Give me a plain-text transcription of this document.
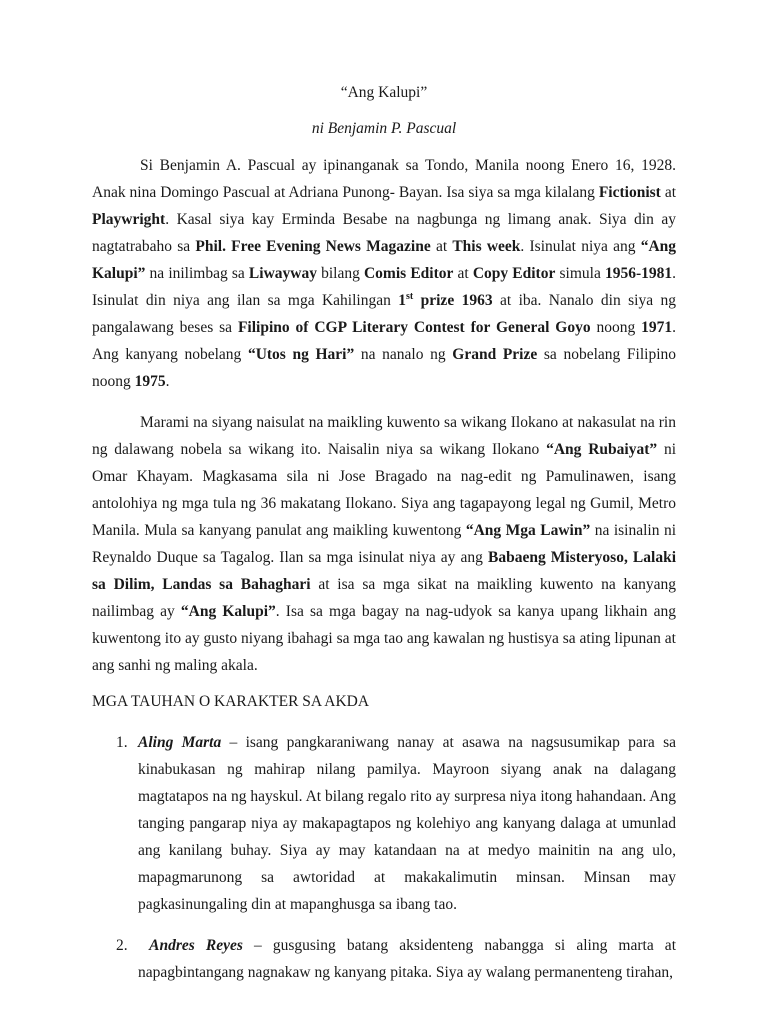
“Ang Kalupi”

ni Benjamin P. Pascual

Si Benjamin A. Pascual ay ipinanganak sa Tondo, Manila noong Enero 16, 1928. Anak nina Domingo Pascual at Adriana Punong- Bayan. Isa siya sa mga kilalang Fictionist at Playwright. Kasal siya kay Erminda Besabe na nagbunga ng limang anak. Siya din ay nagtatrabaho sa Phil. Free Evening News Magazine at This week. Isinulat niya ang “Ang Kalupi” na inilimbag sa Liwayway bilang Comis Editor at Copy Editor simula 1956-1981. Isinulat din niya ang ilan sa mga Kahilingan 1st prize 1963 at iba. Nanalo din siya ng pangalawang beses sa Filipino of CGP Literary Contest for General Goyo noong 1971. Ang kanyang nobelang “Utos ng Hari” na nanalo ng Grand Prize sa nobelang Filipino noong 1975.

Marami na siyang naisulat na maikling kuwento sa wikang Ilokano at nakasulat na rin ng dalawang nobela sa wikang ito. Naisalin niya sa wikang Ilokano “Ang Rubaiyat” ni Omar Khayam. Magkasama sila ni Jose Bragado na nag-edit ng Pamulinawen, isang antolohiya ng mga tula ng 36 makatang Ilokano. Siya ang tagapayong legal ng Gumil, Metro Manila. Mula sa kanyang panulat ang maikling kuwentong “Ang Mga Lawin” na isinalin ni Reynaldo Duque sa Tagalog. Ilan sa mga isinulat niya ay ang Babaeng Misteryoso, Lalaki sa Dilim, Landas sa Bahaghari at isa sa mga sikat na maikling kuwento na kanyang nailimbag ay “Ang Kalupi”. Isa sa mga bagay na nag-udyok sa kanya upang likhain ang kuwentong ito ay gusto niyang ibahagi sa mga tao ang kawalan ng hustisya sa ating lipunan at ang sanhi ng maling akala.

MGA TAUHAN O KARAKTER SA AKDA

1. Aling Marta – isang pangkaraniwang nanay at asawa na nagsusumikap para sa kinabukasan ng mahirap nilang pamilya. Mayroon siyang anak na dalagang magtatapos na ng hayskul. At bilang regalo rito ay surpresa niya itong hahandaan. Ang tanging pangarap niya ay makapagtapos ng kolehiyo ang kanyang dalaga at umunlad ang kanilang buhay. Siya ay may katandaan na at medyo mainitin na ang ulo, mapagmarunong sa awtoridad at makakalimutin minsan. Minsan may pagkasinungaling din at mapanghusga sa ibang tao.
2.	Andres Reyes – gusgusing batang aksidenteng nabangga si aling marta at napagbintangang nagnakaw ng kanyang pitaka. Siya ay walang permanenteng tirahan,
